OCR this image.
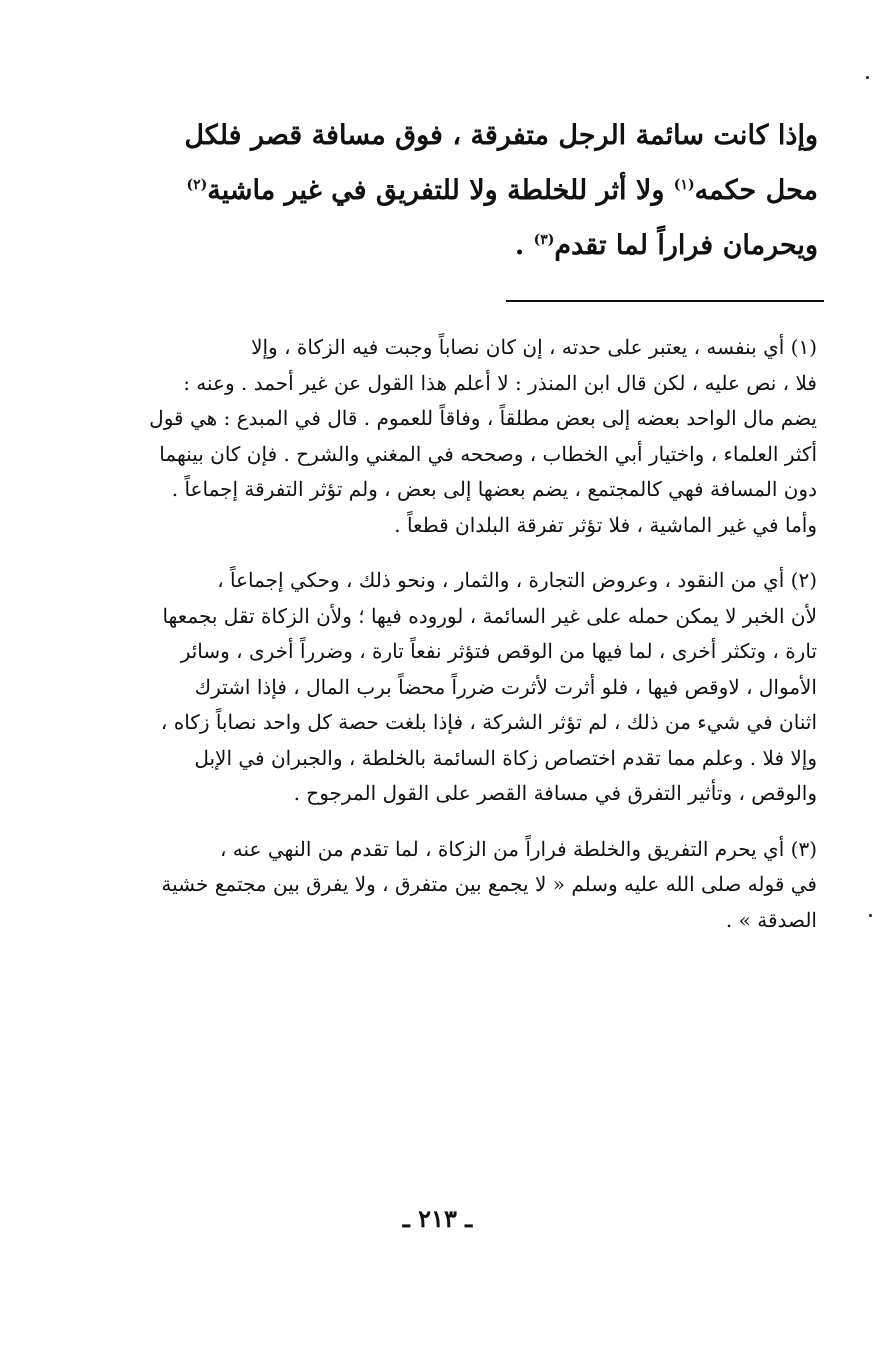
وإذا كانت سائمة الرجل متفرقة ، فوق مسافة قصر فلكل
محل حكمه$^{(١)}$ ولا أثر للخلطة ولا للتفريق في غير ماشية$^{(٢)}$
ويحرمان فراراً لما تقدم$^{(٣)}$ .

(١) أي بنفسه ، يعتبر على حدته ، إن كان نصاباً وجبت فيه الزكاة ، وإلا
فلا ، نص عليه ، لكن قال ابن المنذر : لا أعلم هذا القول عن غير أحمد . وعنه :
يضم مال الواحد بعضه إلى بعض مطلقاً ، وفاقاً للعموم . قال في المبدع : هي قول
أكثر العلماء ، واختيار أبي الخطاب ، وصححه في المغني والشرح . فإن كان بينهما
دون المسافة فهي كالمجتمع ، يضم بعضها إلى بعض ، ولم تؤثر التفرقة إجماعاً .
وأما في غير الماشية ، فلا تؤثر تفرقة البلدان قطعاً .

(٢) أي من النقود ، وعروض التجارة ، والثمار ، ونحو ذلك ، وحكي إجماعاً ،
لأن الخبر لا يمكن حمله على غير السائمة ، لوروده فيها ؛ ولأن الزكاة تقل بجمعها
تارة ، وتكثر أخرى ، لما فيها من الوقص فتؤثر نفعاً تارة ، وضرراً أخرى ، وسائر
الأموال ، لاوقص فيها ، فلو أثرت لأثرت ضرراً محضاً برب المال ، فإذا اشترك
اثنان في شيء من ذلك ، لم تؤثر الشركة ، فإذا بلغت حصة كل واحد نصاباً زكاه ،
وإلا فلا . وعلم مما تقدم اختصاص زكاة السائمة بالخلطة ، والجبران في الإبل
والوقص ، وتأثير التفرق في مسافة القصر على القول المرجوح .

(٣) أي يحرم التفريق والخلطة فراراً من الزكاة ، لما تقدم من النهي عنه ،
في قوله صلى الله عليه وسلم « لا يجمع بين متفرق ، ولا يفرق بين مجتمع خشية
الصدقة » .

ـ ٢١٣ ـ
